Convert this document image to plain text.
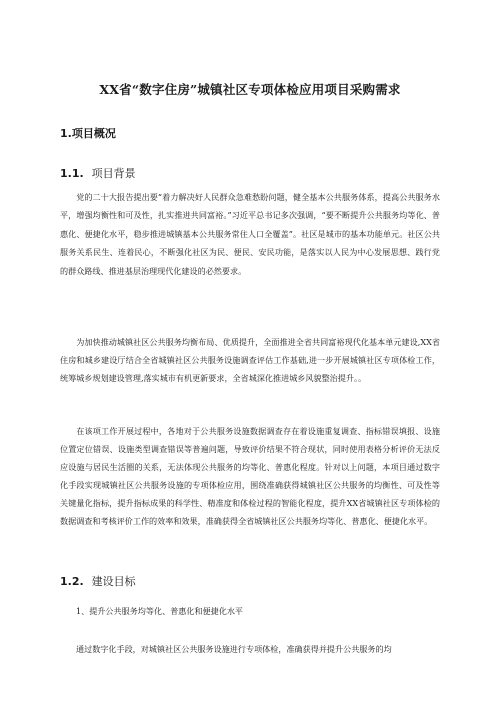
XX省“数字住房”城镇社区专项体检应用项目采购需求
1.项目概况
1.1. 项目背景

党的二十大报告提出要“着力解决好人民群众急难愁盼问题，健全基本公共服务体系，提高公共服务水平，增强均衡性和可及性，扎实推进共同富裕。”习近平总书记多次强调，“要不断提升公共服务均等化、普惠化、便捷化水平，稳步推进城镇基本公共服务常住人口全覆盖”。社区是城市的基本功能单元。社区公共服务关系民生、连着民心，不断强化社区为民、便民、安民功能，是落实以人民为中心发展思想、践行党的群众路线、推进基层治理现代化建设的必然要求。

为加快推动城镇社区公共服务均衡布局、优质提升，全面推进全省共同富裕现代化基本单元建设,XX省住房和城乡建设厅结合全省城镇社区公共服务设施调查评估工作基础,进一步开展城镇社区专项体检工作，统筹城乡规划建设管理,落实城市有机更新要求，全省城深化推进城乡风貌整治提升。。

在该项工作开展过程中，各地对于公共服务设施数据调查存在着设施重复调查、指标错误填报、设施位置定位错误、设施类型调查错误等普遍问题，导致评价结果不符合现状，同时使用表格分析评价无法反应设施与居民生活圈的关系，无法体现公共服务的均等化、普惠化程度。针对以上问题，本项目通过数字化手段实现城镇社区公共服务设施的专项体检应用，围绕准确获得城镇社区公共服务的均衡性、可及性等关键量化指标，提升指标成果的科学性、精准度和体检过程的智能化程度，提升XX省城镇社区专项体检的数据调查和考核评价工作的效率和效果，准确获得全省城镇社区公共服务均等化、普惠化、便捷化水平。

1.2. 建设目标
1、提升公共服务均等化、普惠化和便捷化水平
通过数字化手段，对城镇社区公共服务设施进行专项体检，准确获得并提升公共服务的均
